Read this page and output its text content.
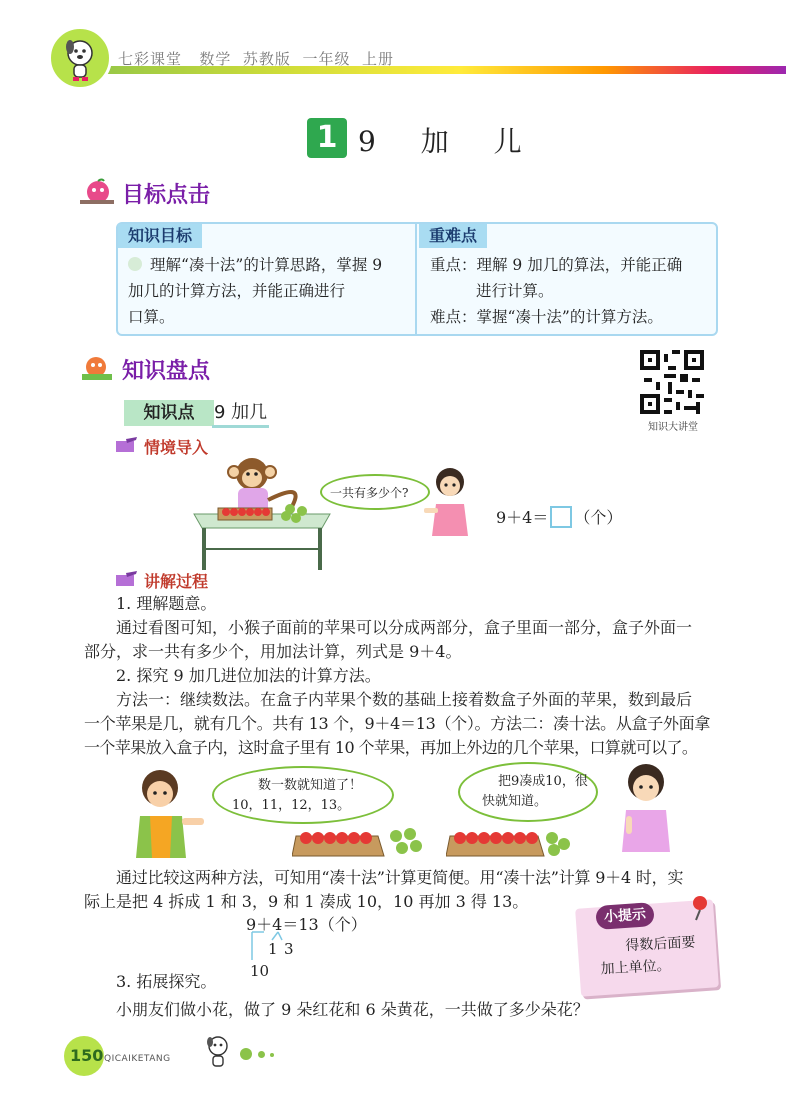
七彩课堂 数学 苏教版 一年级 上册
1 9 加 儿
目标点击
知识目标	重难点
理解“凑十法”的计算思路，掌握 9
加几的计算方法，并能正确进行
口算。
重点：理解 9 加几的算法，并能正确
进行计算。
难点：掌握“凑十法”的计算方法。
知识盘点
知识大讲堂
知识点	9 加几
情境导入
一共有多少个?
9＋4＝ （个）
讲解过程
1. 理解题意。
通过看图可知，小猴子面前的苹果可以分成两部分，盒子里面一部分，盒子外面一
部分，求一共有多少个，用加法计算，列式是 9＋4。
2. 探究 9 加几进位加法的计算方法。
方法一：继续数法。在盒子内苹果个数的基础上接着数盒子外面的苹果，数到最后
一个苹果是几，就有几个。共有 13 个，9＋4＝13（个）。方法二：凑十法。从盒子外面拿
一个苹果放入盒子内，这时盒子里有 10 个苹果，再加上外边的几个苹果，口算就可以了。
数一数就知道了！
10，11，12，13。
把9凑成10，很
快就知道。
通过比较这两种方法，可知用“凑十法”计算更简便。用“凑十法”计算 9＋4 时，实
际上是把 4 拆成 1 和 3，9 和 1 凑成 10，10 再加 3 得 13。
9＋4＝13（个）
1 3
10
小提示
得数后面要
加上单位。
3. 拓展探究。
小朋友们做小花，做了 9 朵红花和 6 朵黄花，一共做了多少朵花？
150 QICAIKETANG
